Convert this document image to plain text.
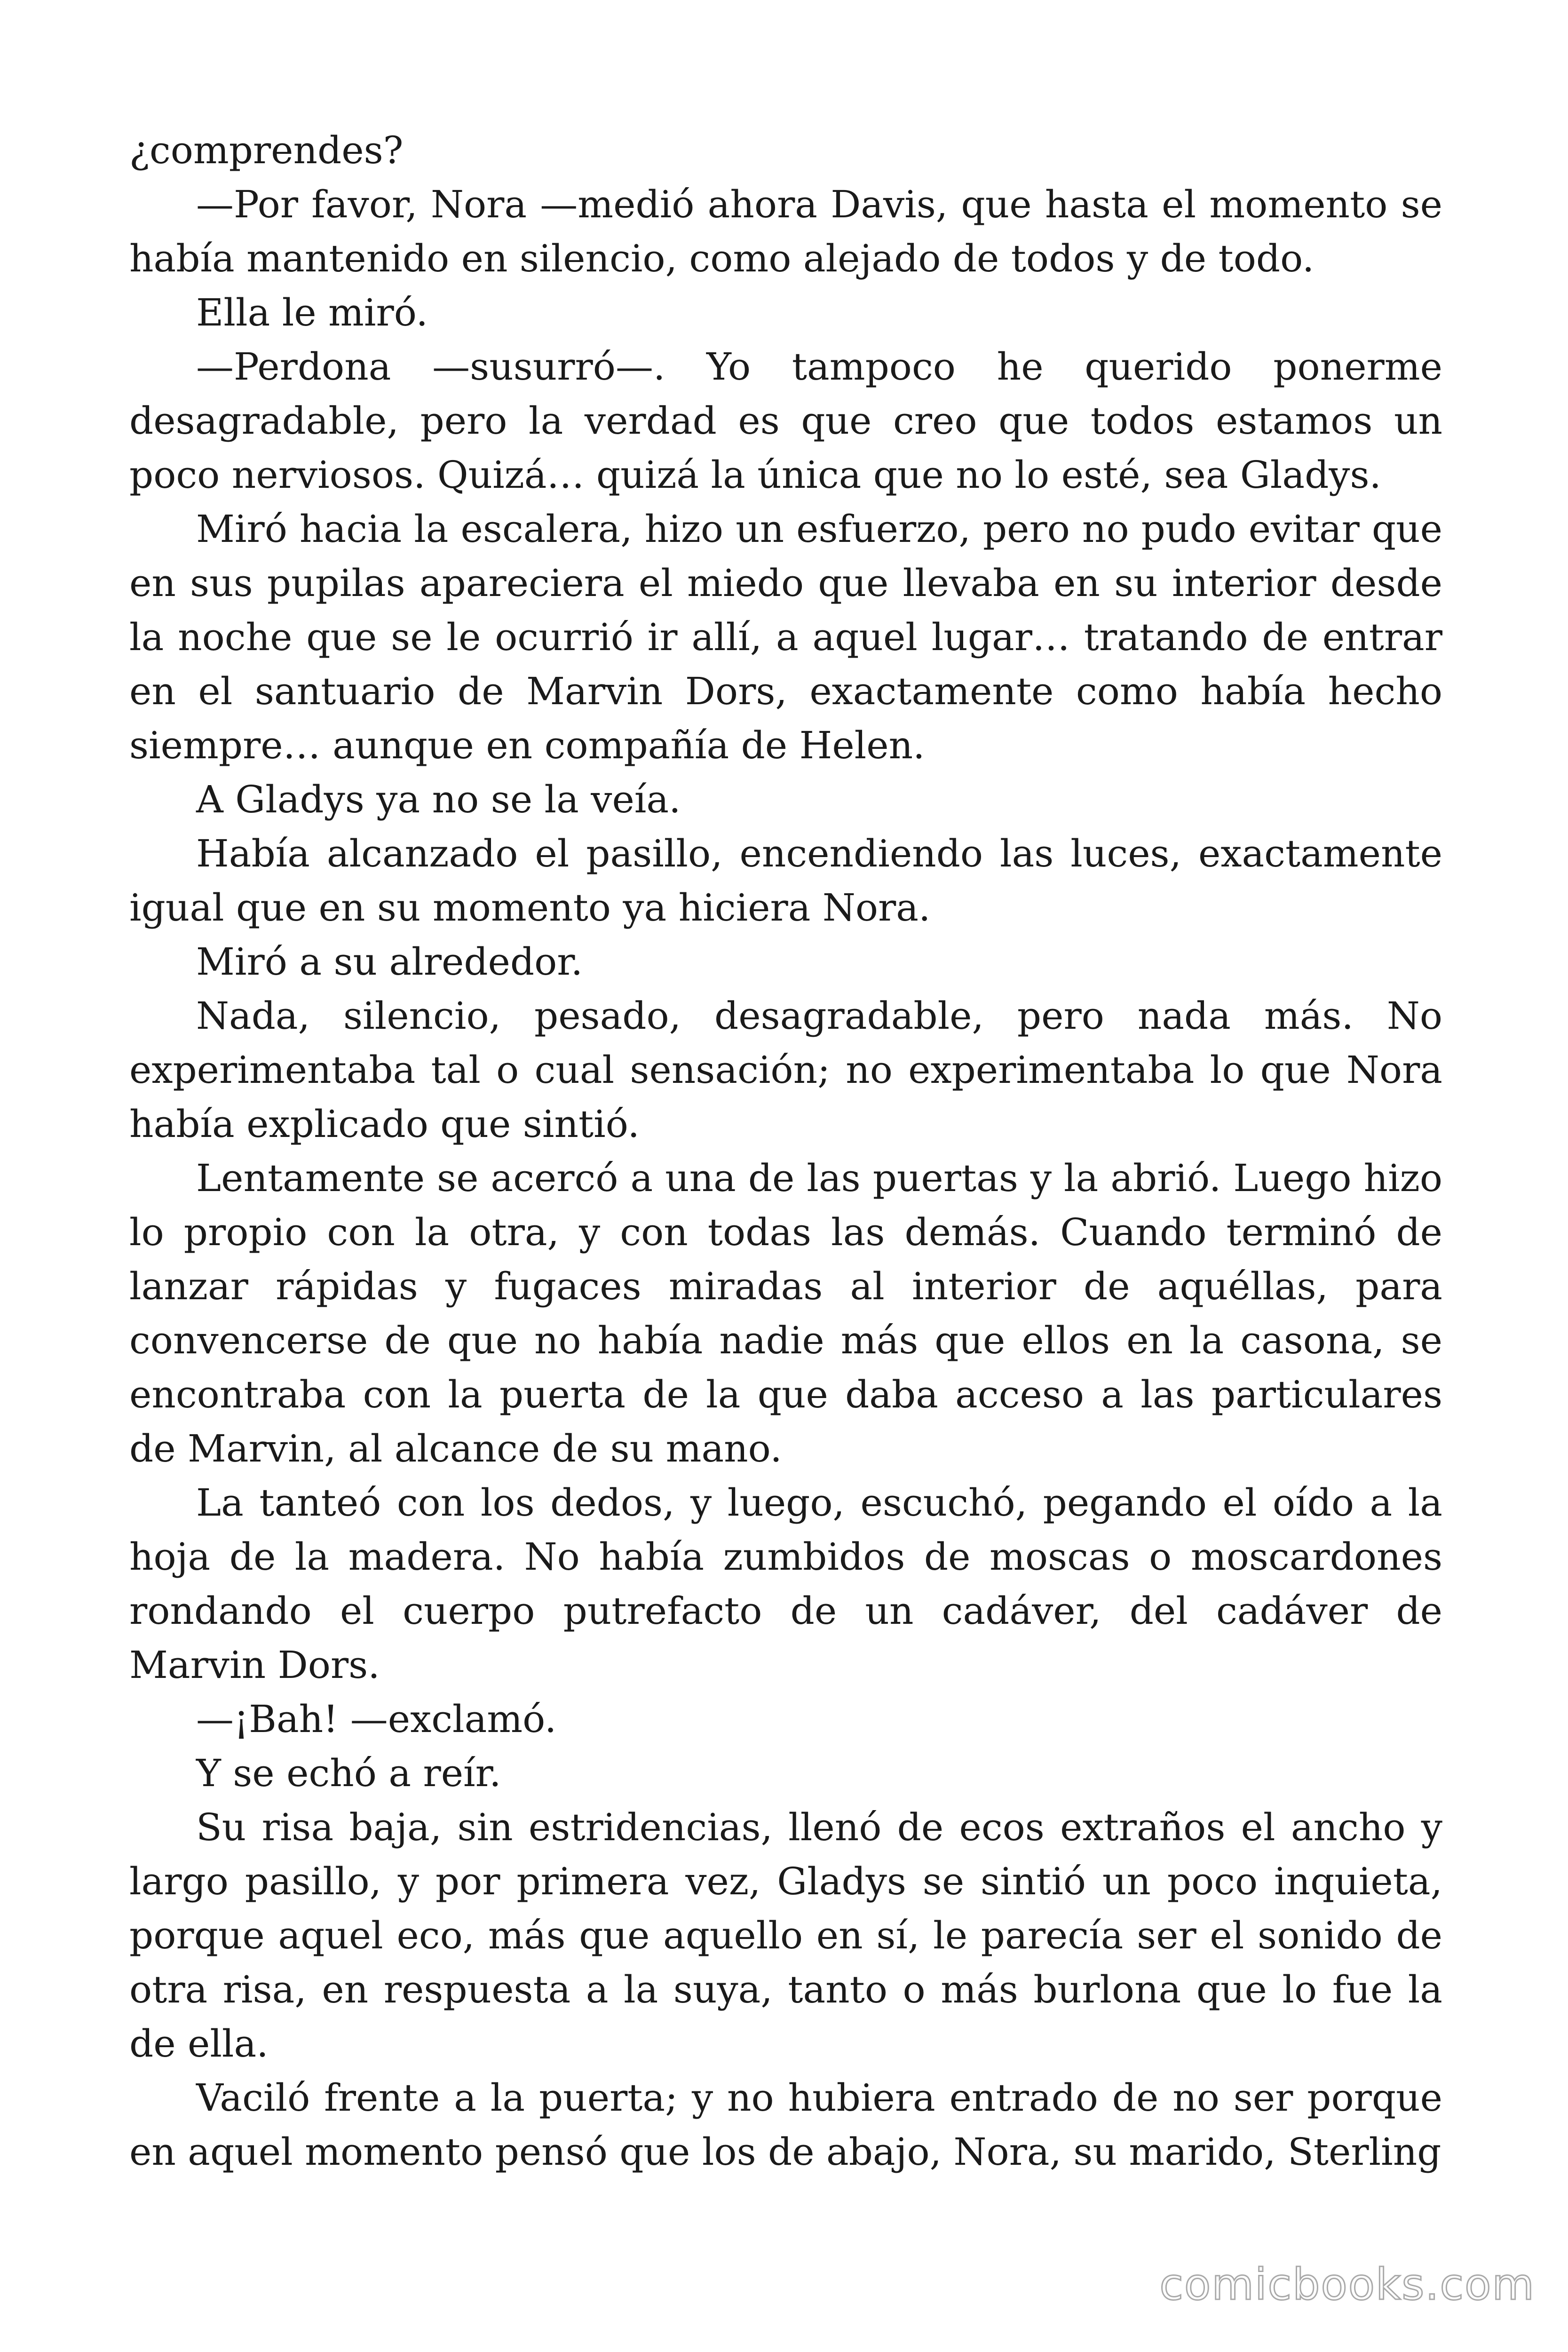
¿comprendes?

—Por favor, Nora —medió ahora Davis, que hasta el momento se había mantenido en silencio, como alejado de todos y de todo.

Ella le miró.

—Perdona —susurró—. Yo tampoco he querido ponerme desagradable, pero la verdad es que creo que todos estamos un poco nerviosos. Quizá… quizá la única que no lo esté, sea Gladys.

Miró hacia la escalera, hizo un esfuerzo, pero no pudo evitar que en sus pupilas apareciera el miedo que llevaba en su interior desde la noche que se le ocurrió ir allí, a aquel lugar… tratando de entrar en el santuario de Marvin Dors, exactamente como había hecho siempre… aunque en compañía de Helen.

A Gladys ya no se la veía.

Había alcanzado el pasillo, encendiendo las luces, exactamente igual que en su momento ya hiciera Nora.

Miró a su alrededor.

Nada, silencio, pesado, desagradable, pero nada más. No experimentaba tal o cual sensación; no experimentaba lo que Nora había explicado que sintió.

Lentamente se acercó a una de las puertas y la abrió. Luego hizo lo propio con la otra, y con todas las demás. Cuando terminó de lanzar rápidas y fugaces miradas al interior de aquéllas, para convencerse de que no había nadie más que ellos en la casona, se encontraba con la puerta de la que daba acceso a las particulares de Marvin, al alcance de su mano.

La tanteó con los dedos, y luego, escuchó, pegando el oído a la hoja de la madera. No había zumbidos de moscas o moscardones rondando el cuerpo putrefacto de un cadáver, del cadáver de Marvin Dors.

—¡Bah! —exclamó.

Y se echó a reír.

Su risa baja, sin estridencias, llenó de ecos extraños el ancho y largo pasillo, y por primera vez, Gladys se sintió un poco inquieta, porque aquel eco, más que aquello en sí, le parecía ser el sonido de otra risa, en respuesta a la suya, tanto o más burlona que lo fue la de ella.

Vaciló frente a la puerta; y no hubiera entrado de no ser porque en aquel momento pensó que los de abajo, Nora, su marido, Sterling

comicbooks.com
